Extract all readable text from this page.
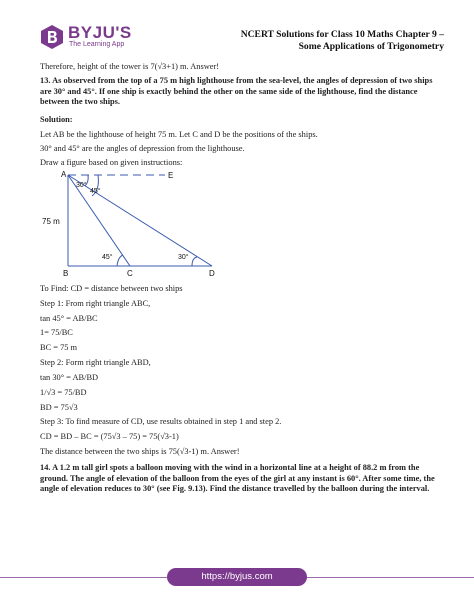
BYJU'S
The Learning App
NCERT Solutions for Class 10 Maths Chapter 9 –
Some Applications of Trigonometry
Therefore, height of the tower is 7(√3+1) m. Answer!
13. As observed from the top of a 75 m high lighthouse from the sea-level, the angles of depression of two ships are 30° and 45°. If one ship is exactly behind the other on the same side of the lighthouse, find the distance between the two ships.
Solution:
Let AB be the lighthouse of height 75 m. Let C and D be the positions of the ships.
30° and 45° are the angles of depression from the lighthouse.
Draw a figure based on given instructions:
To Find: CD = distance between two ships
Step 1: From right triangle ABC,
tan 45° = AB/BC
1= 75/BC
BC = 75 m
Step 2: Form right triangle ABD,
tan 30° = AB/BD
1/√3 = 75/BD
BD = 75√3
Step 3: To find measure of CD, use results obtained in step 1 and step 2.
CD = BD – BC = (75√3 – 75) = 75(√3-1)
The distance between the two ships is 75(√3-1) m. Answer!
14. A 1.2 m tall girl spots a balloon moving with the wind in a horizontal line at a height of 88.2 m from the ground. The angle of elevation of the balloon from the eyes of the girl at any instant is 60°. After some time, the angle of elevation reduces to 30° (see Fig. 9.13). Find the distance travelled by the balloon during the interval.
A	E
B	C	D
75 m
30°
45°
45°	30°
https://byjus.com
